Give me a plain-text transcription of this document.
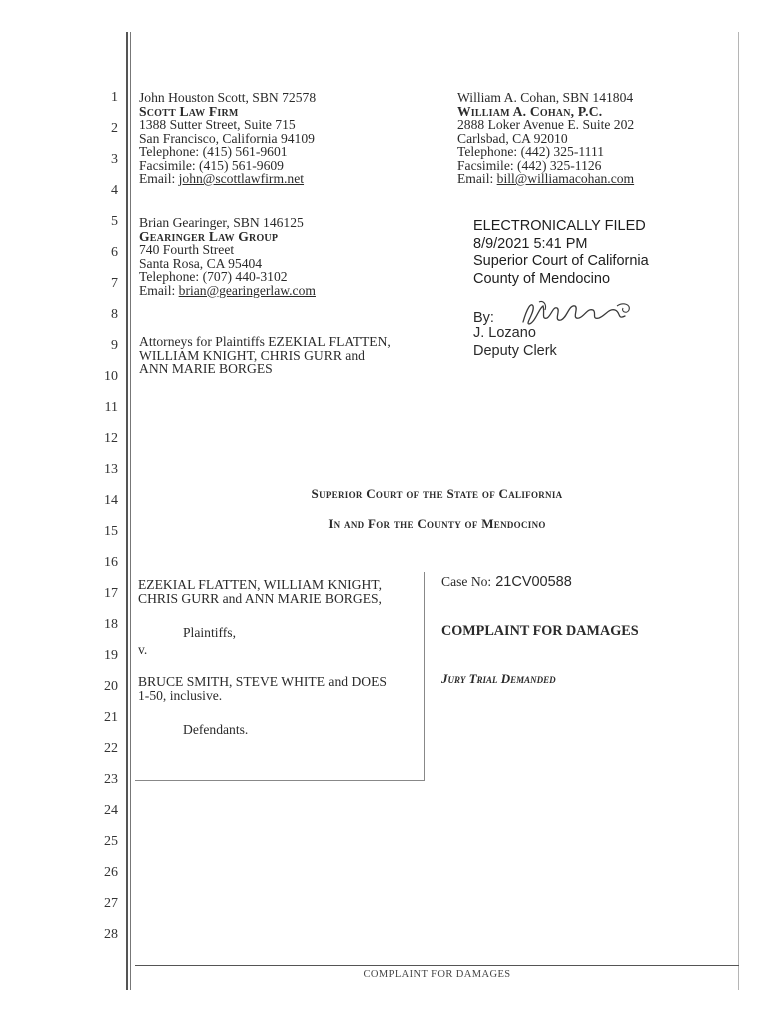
1
2
3
4
5
6
7
8
9
10
11
12
13
14
15
16
17
18
19
20
21
22
23
24
25
26
27
28
John Houston Scott, SBN 72578
Scott Law Firm
1388 Sutter Street, Suite 715
San Francisco, California 94109
Telephone: (415) 561-9601
Facsimile: (415) 561-9609
Email: john@scottlawfirm.net
Brian Gearinger, SBN 146125
Gearinger Law Group
740 Fourth Street
Santa Rosa, CA 95404
Telephone: (707) 440-3102
Email: brian@gearingerlaw.com
Attorneys for Plaintiffs EZEKIAL FLATTEN,
WILLIAM KNIGHT, CHRIS GURR and
ANN MARIE BORGES
William A. Cohan, SBN 141804
William A. Cohan, P.C.
2888 Loker Avenue E. Suite 202
Carlsbad, CA 92010
Telephone: (442) 325-1111
Facsimile: (442) 325-1126
Email: bill@williamacohan.com
ELECTRONICALLY FILED
8/9/2021 5:41 PM
Superior Court of California
County of Mendocino
By:
J. Lozano
Deputy Clerk
Superior Court of the State of California
In and For the County of Mendocino
EZEKIAL FLATTEN, WILLIAM KNIGHT,
CHRIS GURR and ANN MARIE BORGES,
Plaintiffs,
v.
BRUCE SMITH, STEVE WHITE and DOES
1-50, inclusive.
Defendants.
Case No: 21CV00588
COMPLAINT FOR DAMAGES
Jury Trial Demanded
COMPLAINT FOR DAMAGES
